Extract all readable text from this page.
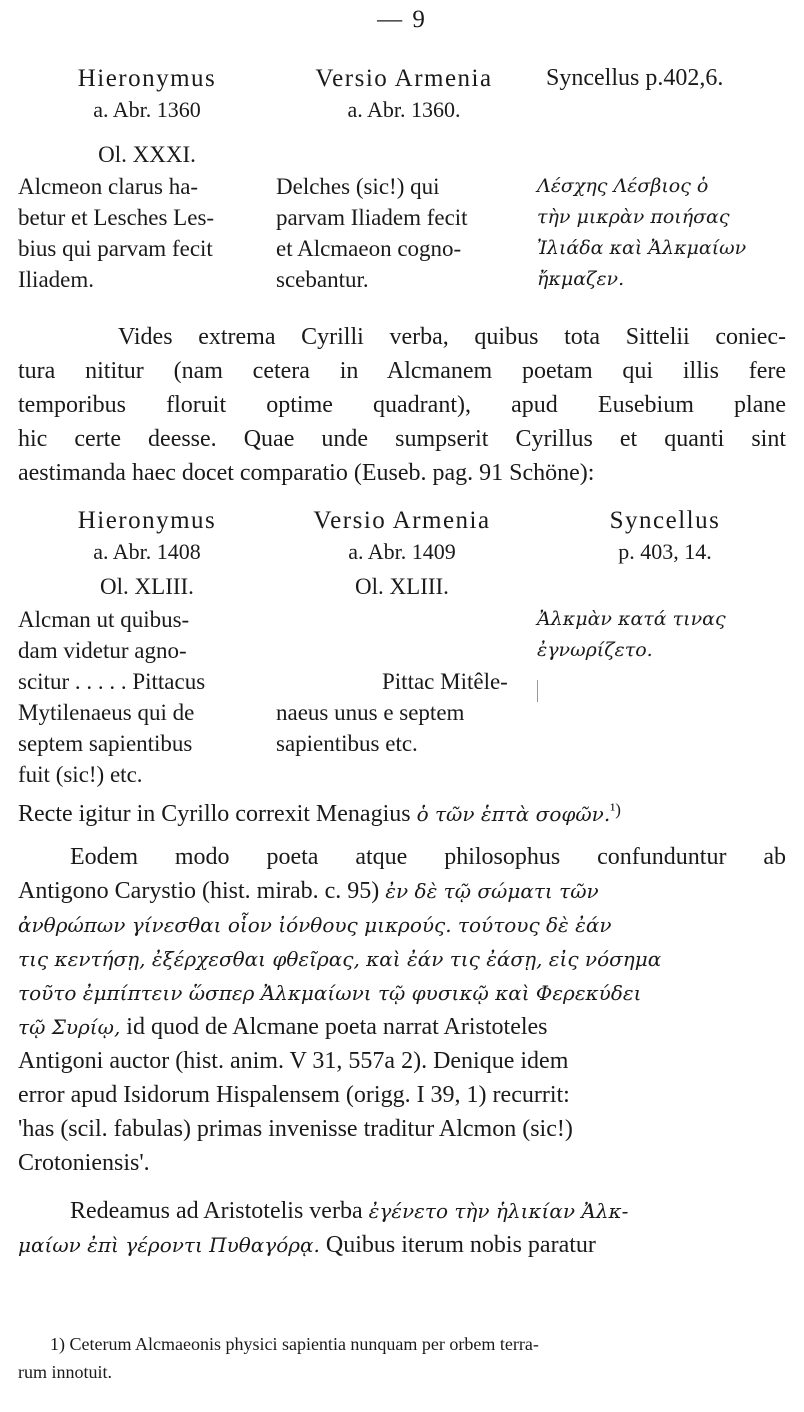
— 9
Hieronymus
a. Abr. 1360
Ol. XXXI.
Versio Armenia
a. Abr. 1360.
Syncellus p.402,6.
Alcmeon clarus ha-
betur et Lesches Les-
bius qui parvam fecit
Iliadem.
Delches (sic!) qui
parvam Iliadem fecit
et Alcmaeon cogno-
scebantur.
Λέσχης Λέσβιος ὁ
τὴν μικρὰν ποιήσας
Ἰλιάδα καὶ Ἀλκμαίων
ἤκμαζεν.
Vides extrema Cyrilli verba, quibus tota Sittelii coniec-
tura nititur (nam cetera in Alcmanem poetam qui illis fere
temporibus floruit optime quadrant), apud Eusebium plane
hic certe deesse. Quae unde sumpserit Cyrillus et quanti sint
aestimanda haec docet comparatio (Euseb. pag. 91 Schöne):
Hieronymus
a. Abr. 1408
Ol. XLIII.
Versio Armenia
a. Abr. 1409
Ol. XLIII.
Syncellus
p. 403, 14.
Alcman ut quibus-
dam videtur agno-
scitur . . . . . Pittacus
Mytilenaeus qui de
septem sapientibus
fuit (sic!) etc.
Pittac Mitêle-
naeus unus e septem
sapientibus etc.
Ἀλκμὰν κατά τινας
ἐγνωρίζετο.
Recte igitur in Cyrillo correxit Menagius ὁ τῶν ἑπτὰ σοφῶν.$^{^1)}$
Eodem modo poeta atque philosophus confunduntur ab
Antigono Carystio (hist. mirab. c. 95) ἐν δὲ τῷ σώματι τῶν
ἀνθρώπων γίνεσθαι οἷον ἰόνθους μικρούς. τούτους δὲ ἐάν
τις κεντήσῃ, ἐξέρχεσθαι φθεῖρας, καὶ ἐάν τις ἐάσῃ, εἰς νόσημα
τοῦτο ἐμπίπτειν ὥσπερ Ἀλκμαίωνι τῷ φυσικῷ καὶ Φερεκύδει
τῷ Συρίῳ, id quod de Alcmane poeta narrat Aristoteles
Antigoni auctor (hist. anim. V 31, 557a 2). Denique idem
error apud Isidorum Hispalensem (origg. I 39, 1) recurrit:
'has (scil. fabulas) primas invenisse traditur Alcmon (sic!)
Crotoniensis'.
Redeamus ad Aristotelis verba ἐγένετο τὴν ἡλικίαν Ἀλκ-
μαίων ἐπὶ γέροντι Πυθαγόρᾳ. Quibus iterum nobis paratur
1) Ceterum Alcmaeonis physici sapientia nunquam per orbem terra-
rum innotuit.
